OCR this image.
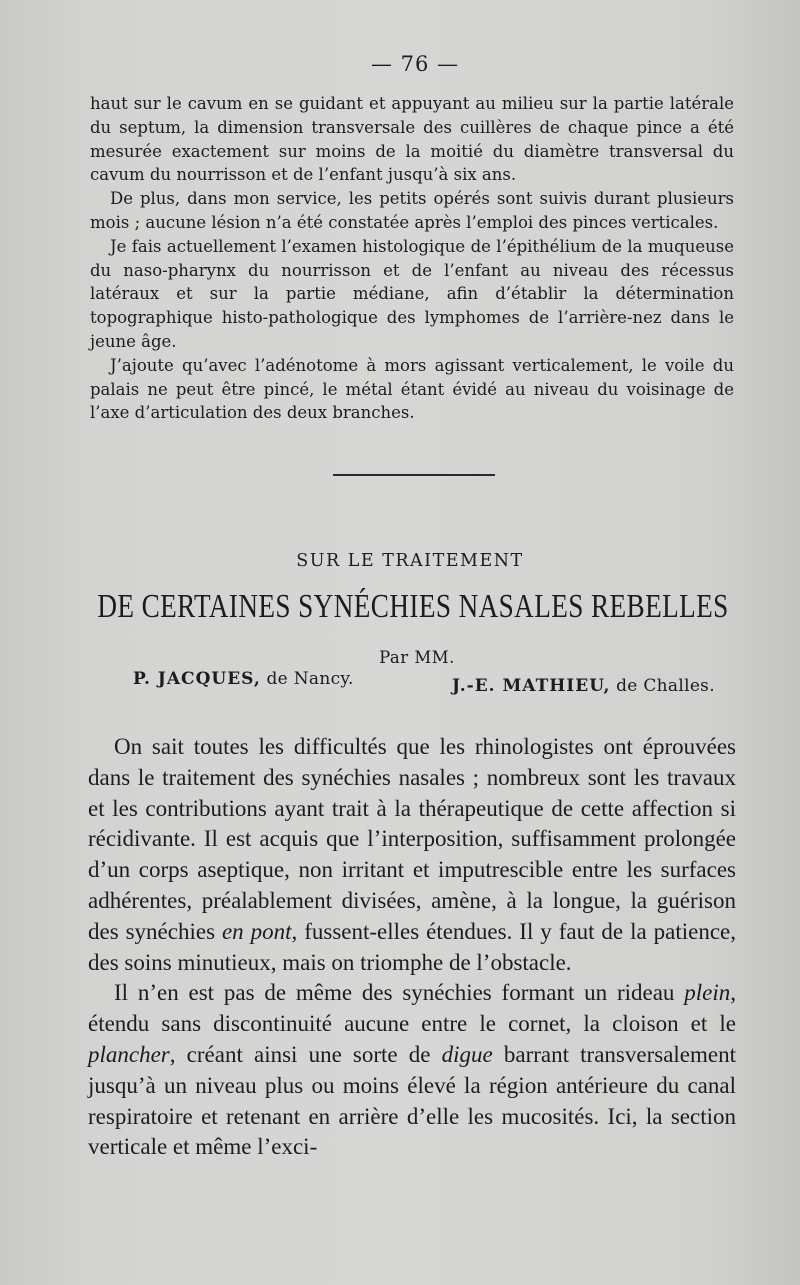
— 76 —

haut sur le cavum en se guidant et appuyant au milieu sur la partie latérale du septum, la dimension transversale des cuillères de chaque pince a été mesurée exactement sur moins de la moitié du diamètre transversal du cavum du nourrisson et de l’enfant jusqu’à six ans.

De plus, dans mon service, les petits opérés sont suivis durant plusieurs mois ; aucune lésion n’a été constatée après l’emploi des pinces verticales.

Je fais actuellement l’examen histologique de l’épithélium de la muqueuse du naso-pharynx du nourrisson et de l’enfant au niveau des récessus latéraux et sur la partie médiane, afin d’établir la détermination topographique histo-pathologique des lymphomes de l’arrière-nez dans le jeune âge.

J’ajoute qu’avec l’adénotome à mors agissant verticalement, le voile du palais ne peut être pincé, le métal étant évidé au niveau du voisinage de l’axe d’articulation des deux branches.

SUR LE TRAITEMENT
DE CERTAINES SYNÉCHIES NASALES REBELLES
Par MM.
P. JACQUES, de Nancy.	J.-E. MATHIEU, de Challes.

On sait toutes les difficultés que les rhinologistes ont éprouvées dans le traitement des synéchies nasales ; nombreux sont les travaux et les contributions ayant trait à la thérapeutique de cette affection si récidivante. Il est acquis que l’interposition, suffisamment prolongée d’un corps aseptique, non irritant et imputrescible entre les surfaces adhérentes, préalablement divisées, amène, à la longue, la guérison des synéchies en pont, fussent-elles étendues. Il y faut de la patience, des soins minutieux, mais on triomphe de l’obstacle.

Il n’en est pas de même des synéchies formant un rideau plein, étendu sans discontinuité aucune entre le cornet, la cloison et le plancher, créant ainsi une sorte de digue barrant transversalement jusqu’à un niveau plus ou moins élevé la région antérieure du canal respiratoire et retenant en arrière d’elle les mucosités. Ici, la section verticale et même l’exci-
